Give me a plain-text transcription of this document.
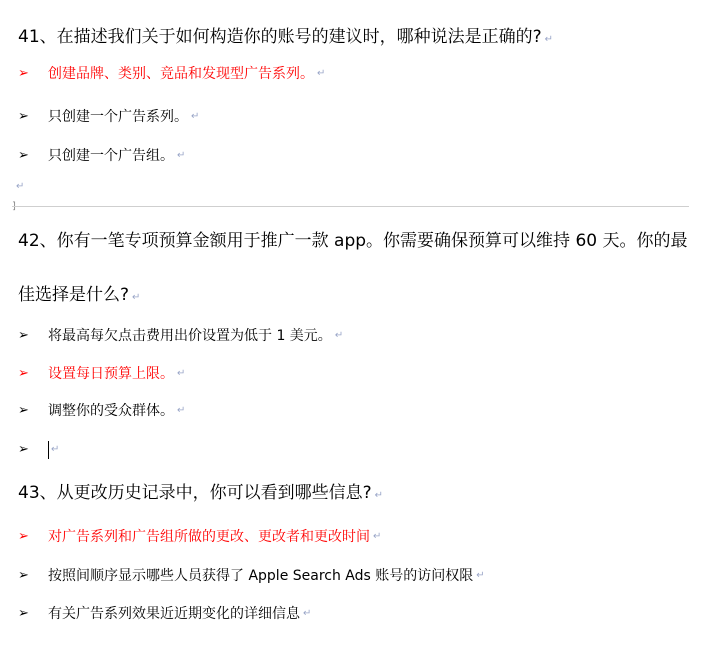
41、在描述我们关于如何构造你的账号的建议时，哪种说法是正确的? ↵
➢	创建品牌、类别、竞品和发现型广告系列。 ↵
➢	只创建一个广告系列。 ↵
➢	只创建一个广告组。 ↵
↵
]
42、你有一笔专项预算金额用于推广一款 app。你需要确保预算可以维持 60 天。你的最
佳选择是什么? ↵
➢	将最高每欠点击费用出价设置为低于 1 美元。 ↵
➢	设置每日预算上限。 ↵
➢	调整你的受众群体。 ↵
➢	↵
43、从更改历史记录中，你可以看到哪些信息? ↵
➢	对广告系列和广告组所做的更改、更改者和更改时间 ↵
➢	按照间顺序显示哪些人员获得了 Apple Search Ads 账号的访问权限 ↵
➢	有关广告系列效果近近期变化的详细信息 ↵
